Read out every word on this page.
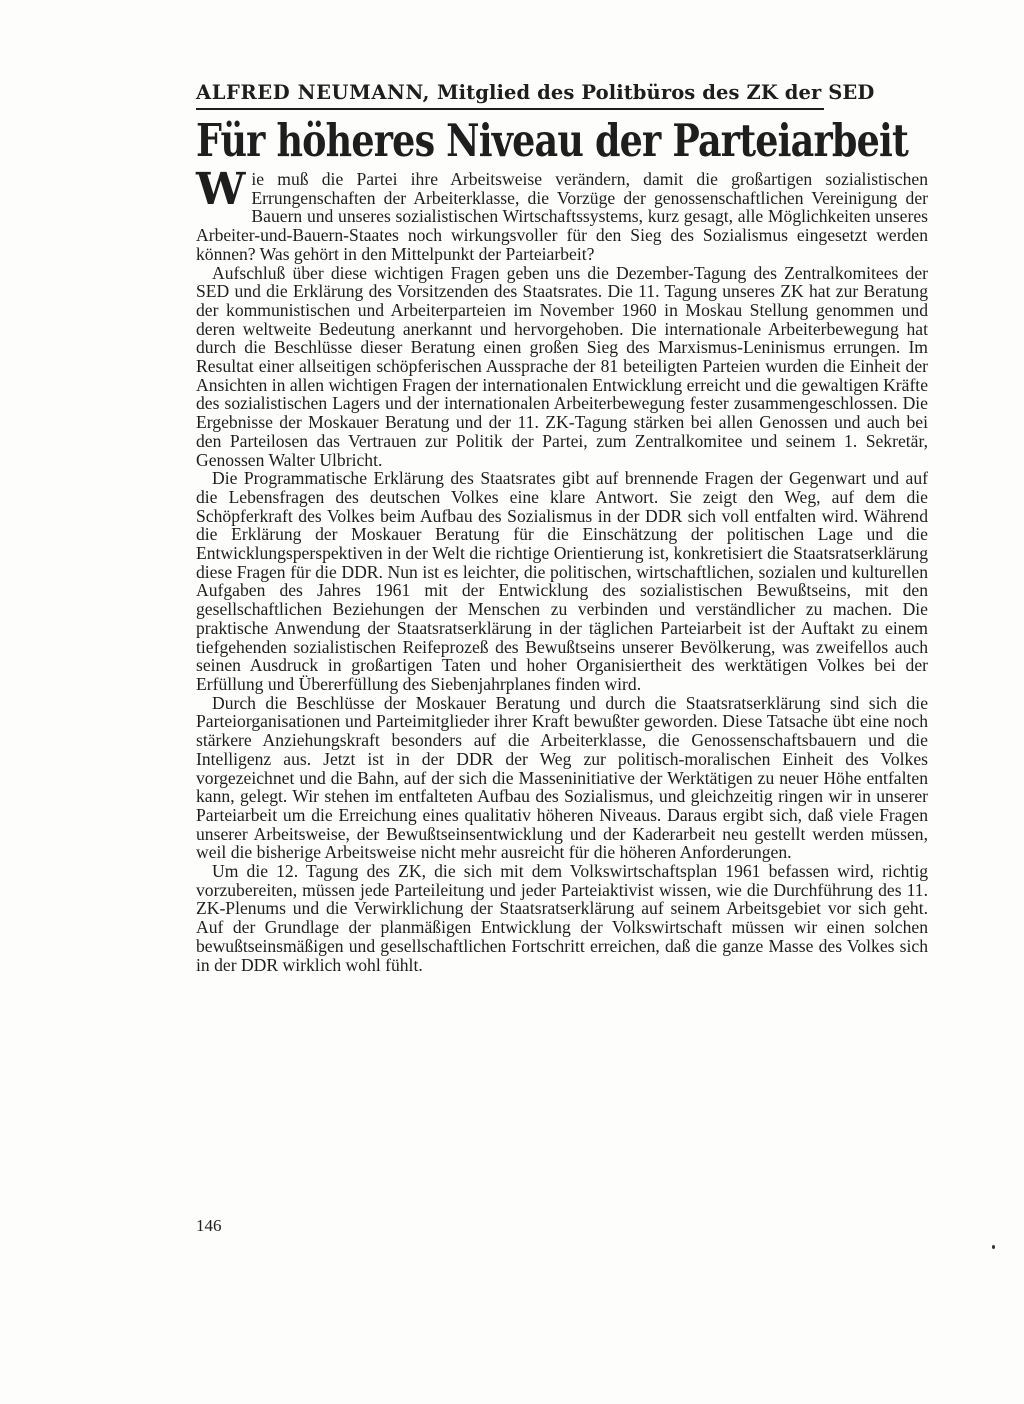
ALFRED NEUMANN, Mitglied des Politbüros des ZK der SED
Für höheres Niveau der Parteiarbeit

Wie muß die Partei ihre Arbeitsweise verändern, damit die großartigen sozialistischen Errungenschaften der Arbeiterklasse, die Vorzüge der genossenschaftlichen Vereinigung der Bauern und unseres sozialistischen Wirtschaftssystems, kurz gesagt, alle Möglichkeiten unseres Arbeiter-und-Bauern-Staates noch wirkungsvoller für den Sieg des Sozialismus eingesetzt werden können? Was gehört in den Mittelpunkt der Parteiarbeit?

Aufschluß über diese wichtigen Fragen geben uns die Dezember-Tagung des Zentralkomitees der SED und die Erklärung des Vorsitzenden des Staatsrates. Die 11. Tagung unseres ZK hat zur Beratung der kommunistischen und Arbeiterparteien im November 1960 in Moskau Stellung genommen und deren weltweite Bedeutung anerkannt und hervorgehoben. Die internationale Arbeiterbewegung hat durch die Beschlüsse dieser Beratung einen großen Sieg des Marxismus-Leninismus errungen. Im Resultat einer allseitigen schöpferischen Aussprache der 81 beteiligten Parteien wurden die Einheit der Ansichten in allen wichtigen Fragen der internationalen Entwicklung erreicht und die gewaltigen Kräfte des sozialistischen Lagers und der internationalen Arbeiterbewegung fester zusammengeschlossen. Die Ergebnisse der Moskauer Beratung und der 11. ZK-Tagung stärken bei allen Genossen und auch bei den Parteilosen das Vertrauen zur Politik der Partei, zum Zentralkomitee und seinem 1. Sekretär, Genossen Walter Ulbricht.

Die Programmatische Erklärung des Staatsrates gibt auf brennende Fragen der Gegenwart und auf die Lebensfragen des deutschen Volkes eine klare Antwort. Sie zeigt den Weg, auf dem die Schöpferkraft des Volkes beim Aufbau des Sozialismus in der DDR sich voll entfalten wird. Während die Erklärung der Moskauer Beratung für die Einschätzung der politischen Lage und die Entwicklungsperspektiven in der Welt die richtige Orientierung ist, konkretisiert die Staatsratserklärung diese Fragen für die DDR. Nun ist es leichter, die politischen, wirtschaftlichen, sozialen und kulturellen Aufgaben des Jahres 1961 mit der Entwicklung des sozialistischen Bewußtseins, mit den gesellschaftlichen Beziehungen der Menschen zu verbinden und verständlicher zu machen. Die praktische Anwendung der Staatsratserklärung in der täglichen Parteiarbeit ist der Auftakt zu einem tiefgehenden sozialistischen Reifeprozeß des Bewußtseins unserer Bevölkerung, was zweifellos auch seinen Ausdruck in großartigen Taten und hoher Organisiertheit des werktätigen Volkes bei der Erfüllung und Übererfüllung des Siebenjahrplanes finden wird.

Durch die Beschlüsse der Moskauer Beratung und durch die Staatsratserklärung sind sich die Parteiorganisationen und Parteimitglieder ihrer Kraft bewußter geworden. Diese Tatsache übt eine noch stärkere Anziehungskraft besonders auf die Arbeiterklasse, die Genossenschaftsbauern und die Intelligenz aus. Jetzt ist in der DDR der Weg zur politisch-moralischen Einheit des Volkes vorgezeichnet und die Bahn, auf der sich die Masseninitiative der Werktätigen zu neuer Höhe entfalten kann, gelegt. Wir stehen im entfalteten Aufbau des Sozialismus, und gleichzeitig ringen wir in unserer Parteiarbeit um die Erreichung eines qualitativ höheren Niveaus. Daraus ergibt sich, daß viele Fragen unserer Arbeitsweise, der Bewußtseinsentwicklung und der Kaderarbeit neu gestellt werden müssen, weil die bisherige Arbeitsweise nicht mehr ausreicht für die höheren Anforderungen.

Um die 12. Tagung des ZK, die sich mit dem Volkswirtschaftsplan 1961 befassen wird, richtig vorzubereiten, müssen jede Parteileitung und jeder Parteiaktivist wissen, wie die Durchführung des 11. ZK-Plenums und die Verwirklichung der Staatsratserklärung auf seinem Arbeitsgebiet vor sich geht. Auf der Grundlage der planmäßigen Entwicklung der Volkswirtschaft müssen wir einen solchen bewußtseinsmäßigen und gesellschaftlichen Fortschritt erreichen, daß die ganze Masse des Volkes sich in der DDR wirklich wohl fühlt.

146
